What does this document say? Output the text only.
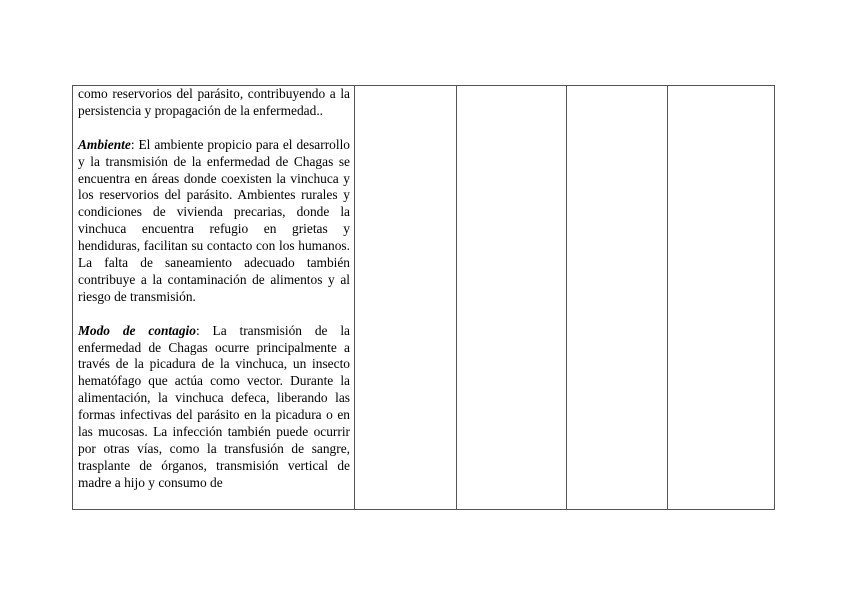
como reservorios del parásito, contribuyendo a la persistencia y propagación de la enfermedad..

Ambiente: El ambiente propicio para el desarrollo y la transmisión de la enfermedad de Chagas se encuentra en áreas donde coexisten la vinchuca y los reservorios del parásito. Ambientes rurales y condiciones de vivienda precarias, donde la vinchuca encuentra refugio en grietas y hendiduras, facilitan su contacto con los humanos. La falta de saneamiento adecuado también contribuye a la contaminación de alimentos y al riesgo de transmisión.

Modo de contagio: La transmisión de la enfermedad de Chagas ocurre principalmente a través de la picadura de la vinchuca, un insecto hematófago que actúa como vector. Durante la alimentación, la vinchuca defeca, liberando las formas infectivas del parásito en la picadura o en las mucosas. La infección también puede ocurrir por otras vías, como la transfusión de sangre, trasplante de órganos, transmisión vertical de madre a hijo y consumo de
